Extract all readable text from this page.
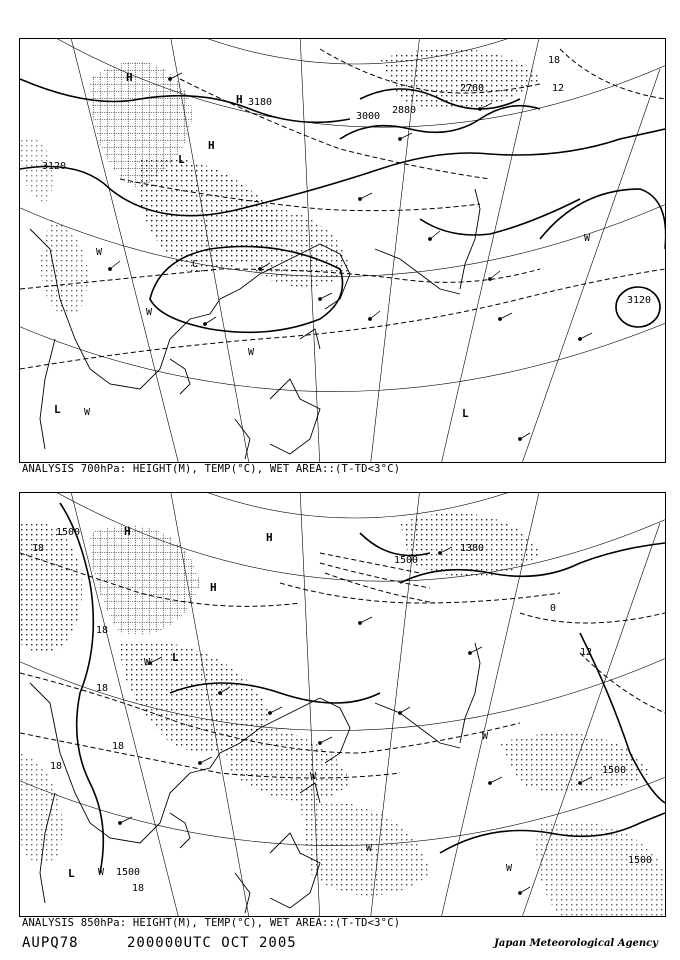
3120
3180
3000
2880
2760
3120
18
12
H
H
H
L
L	L
W
W
W
W
W
C
ANALYSIS 700hPa: HEIGHT(M), TEMP(°C), WET AREA::(T-TD<3°C)
1500
18
18
18
18
18
18
1500
1500
1500
1500
12
0
1380
H	H
H
L
L
W
W
W
W
W
W
ANALYSIS 850hPa: HEIGHT(M), TEMP(°C), WET AREA::(T-TD<3°C)
AUPQ78	200000UTC OCT 2005	Japan Meteorological Agency
